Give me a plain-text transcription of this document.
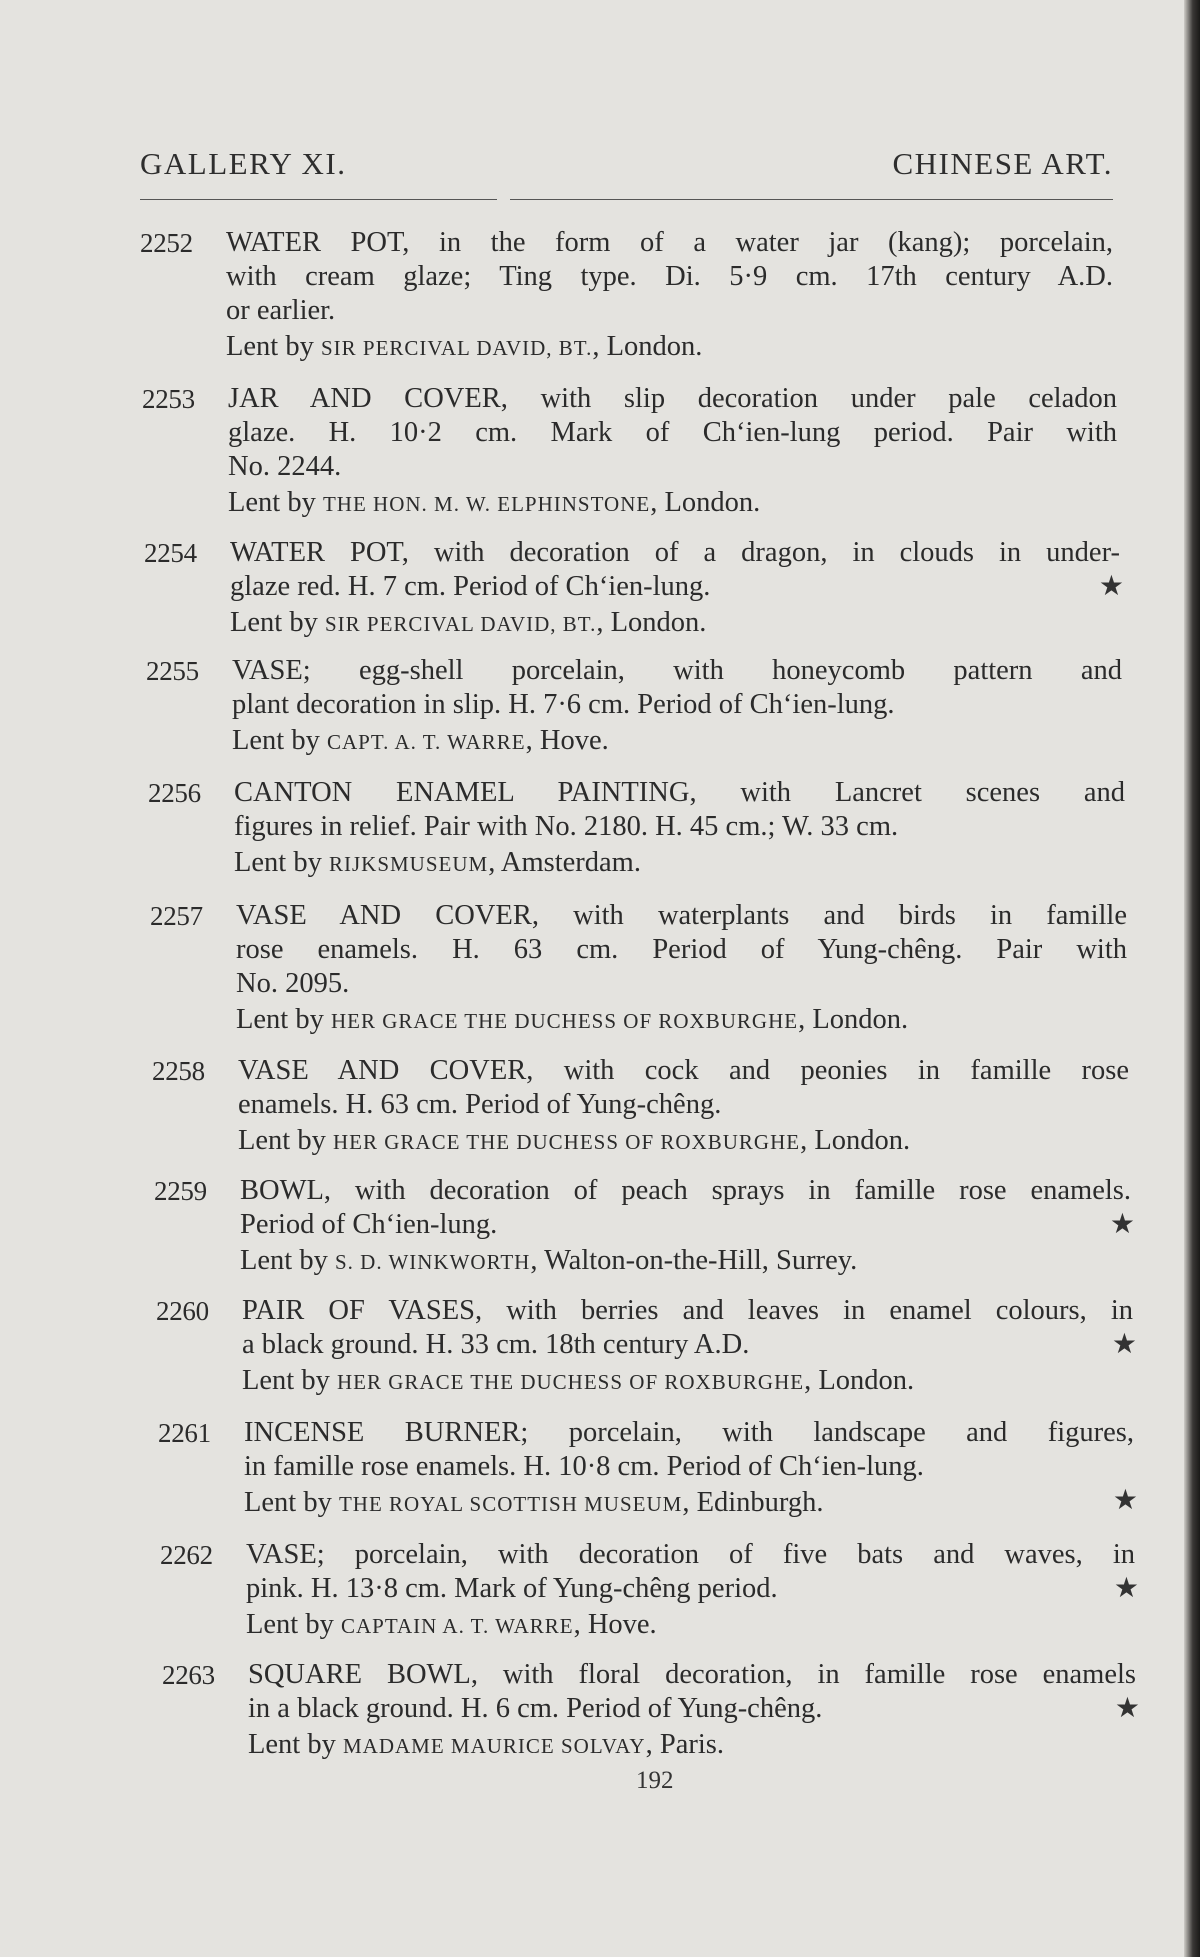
GALLERY XI.	CHINESE ART.
2252	WATER POT, in the form of a water jar (kang); porcelain,
with cream glaze; Ting type. Di. 5·9 cm. 17th century A.D.
or earlier.
Lent by SIR PERCIVAL DAVID, BT., London.
2253	JAR AND COVER, with slip decoration under pale celadon
glaze. H. 10·2 cm. Mark of Ch‘ien-lung period. Pair with
No. 2244.
Lent by THE HON. M. W. ELPHINSTONE, London.
2254	WATER POT, with decoration of a dragon, in clouds in under-
glaze red. H. 7 cm. Period of Ch‘ien-lung.
Lent by SIR PERCIVAL DAVID, BT., London.
★
2255	VASE; egg-shell porcelain, with honeycomb pattern and
plant decoration in slip. H. 7·6 cm. Period of Ch‘ien-lung.
Lent by CAPT. A. T. WARRE, Hove.
2256	CANTON ENAMEL PAINTING, with Lancret scenes and
figures in relief. Pair with No. 2180. H. 45 cm.; W. 33 cm.
Lent by RIJKSMUSEUM, Amsterdam.
2257	VASE AND COVER, with waterplants and birds in famille
rose enamels. H. 63 cm. Period of Yung-chêng. Pair with
No. 2095.
Lent by HER GRACE THE DUCHESS OF ROXBURGHE, London.
2258	VASE AND COVER, with cock and peonies in famille rose
enamels. H. 63 cm. Period of Yung-chêng.
Lent by HER GRACE THE DUCHESS OF ROXBURGHE, London.
2259	BOWL, with decoration of peach sprays in famille rose enamels.
Period of Ch‘ien-lung.
Lent by S. D. WINKWORTH, Walton-on-the-Hill, Surrey.
★
2260	PAIR OF VASES, with berries and leaves in enamel colours, in
a black ground. H. 33 cm. 18th century A.D.
Lent by HER GRACE THE DUCHESS OF ROXBURGHE, London.
★
2261	INCENSE BURNER; porcelain, with landscape and figures,
in famille rose enamels. H. 10·8 cm. Period of Ch‘ien-lung.
Lent by THE ROYAL SCOTTISH MUSEUM, Edinburgh.	★
2262	VASE; porcelain, with decoration of five bats and waves, in
pink. H. 13·8 cm. Mark of Yung-chêng period.
Lent by CAPTAIN A. T. WARRE, Hove.
★
2263	SQUARE BOWL, with floral decoration, in famille rose enamels
in a black ground. H. 6 cm. Period of Yung-chêng.
Lent by MADAME MAURICE SOLVAY, Paris.
★
192
